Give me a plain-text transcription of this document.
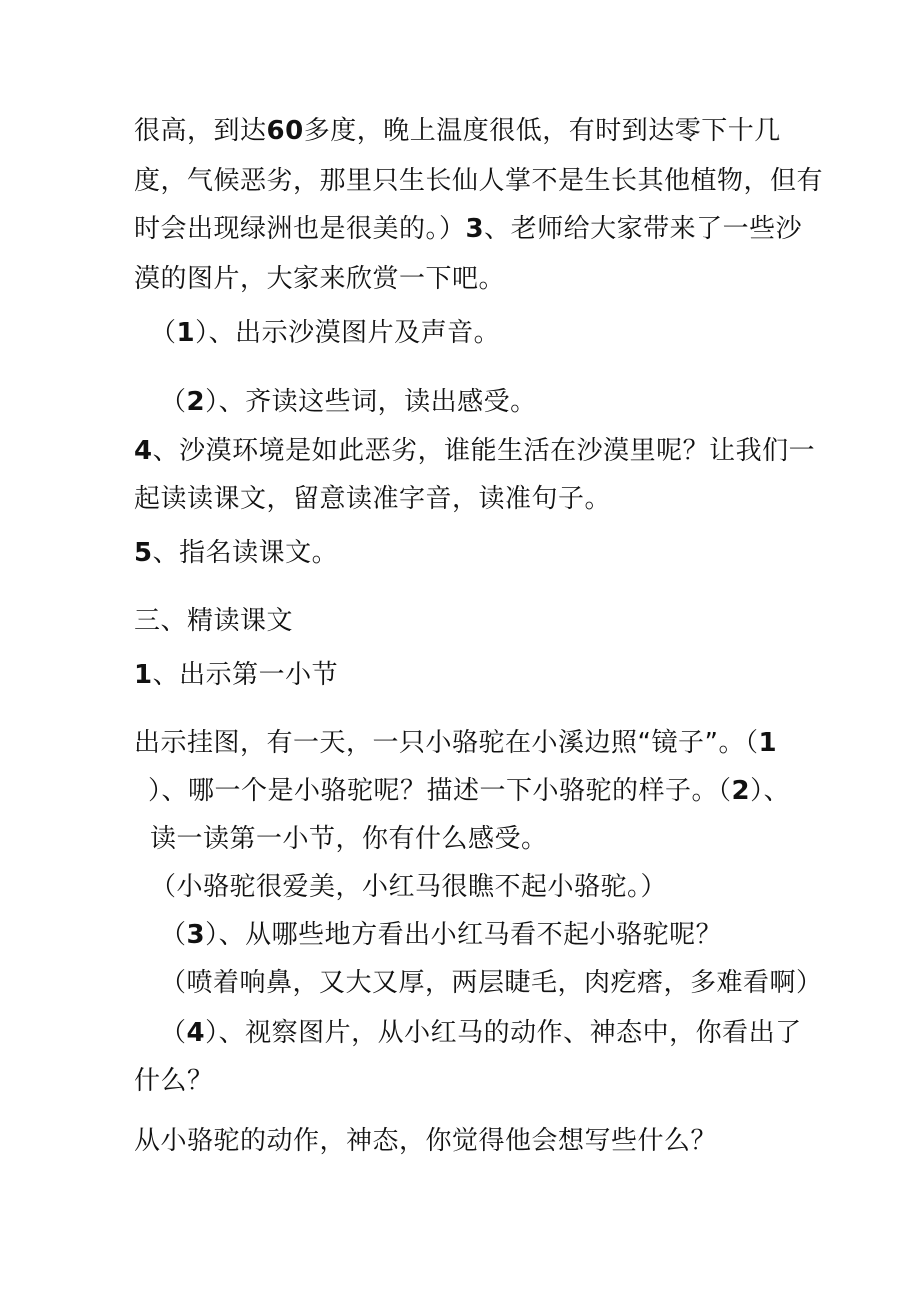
很高，到达60多度，晚上温度很低，有时到达零下十几
度，气候恶劣，那里只生长仙人掌不是生长其他植物，但有
时会出现绿洲也是很美的。）3、老师给大家带来了一些沙
漠的图片，大家来欣赏一下吧。
（1）、出示沙漠图片及声音。
（2）、齐读这些词，读出感受。
4、沙漠环境是如此恶劣，谁能生活在沙漠里呢？让我们一
起读读课文，留意读准字音，读准句子。
5、指名读课文。
三、精读课文
1、出示第一小节
出示挂图，有一天，一只小骆驼在小溪边照“镜子”。（1
）、哪一个是小骆驼呢？描述一下小骆驼的样子。（2）、
读一读第一小节，你有什么感受。
（小骆驼很爱美，小红马很瞧不起小骆驼。）
（3）、从哪些地方看出小红马看不起小骆驼呢？
（喷着响鼻，又大又厚，两层睫毛，肉疙瘩，多难看啊）
（4）、视察图片，从小红马的动作、神态中，你看出了
什么？
从小骆驼的动作，神态，你觉得他会想写些什么？
